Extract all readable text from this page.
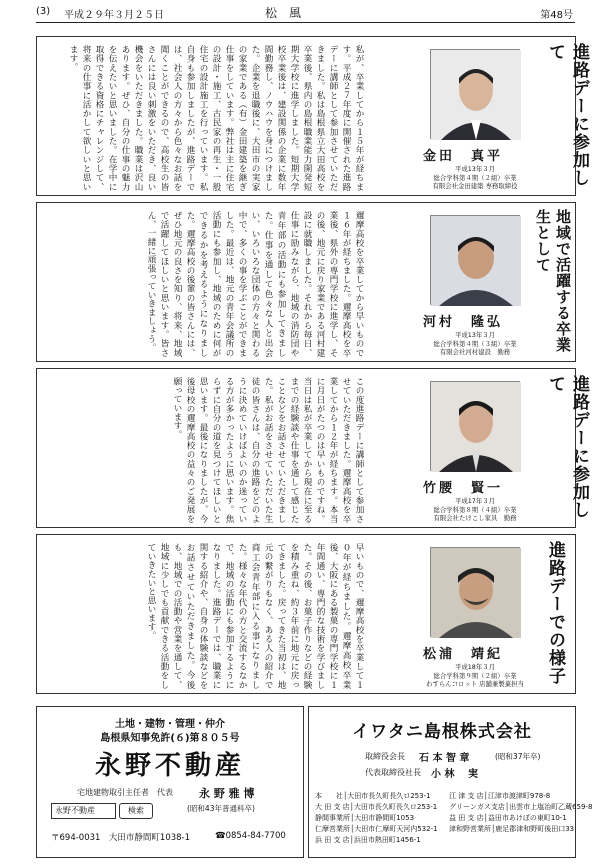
(3) 平成２９年３月２５日	松　風	第48号
私が、卒業してから１５年が経ちます。平成２７年度に開催された進路デーに講師として参加させていただきました。私は島根県立大田高校を卒業後、県内の島根職業能力開発短期大学校に進学しました。短期大学校卒業後は、建設関係の企業に数年間勤務し、ノウハウを身につけました。企業を退職後に、大田市の実家の家業である（有）金田建築を継ぎ仕事をしています。弊社は主に住宅の設計・施工、古民家の再生・一般住宅の設計施工を行っています。私自身も参加しましたが、進路デーでは、社会人の方々から色々なお話を聞くことができるので、高校生の皆さんには良い刺激をいただき、良い機会をいただきました。職業は沢山あります。ぜひ、自分の仕事の魅力を伝えたいと思いました。在学中に取得できる資格にチャレンジして、将来の仕事に活かして欲しいと思います。
金田　真平
平成13年３月
総合学科第４期（２組）卒業
有限会社金田建築 専務取締役	進路デーに参加して
邇摩高校を卒業してから早いもので１６年が経ちました。邇摩高校を卒業後、県外の専門学校に進学し、その後、地元に戻り家業である河村建設に就職しました。それから毎日、仕事に励みながら、地域の消防団や青年部の活動にも参加してきました。仕事を通して色々な人と出会い、いろいろな団体の方々と関わる中で、多くの事を学ぶことができました。最近は、地元の青年会議所の活動にも参加し、地域のために何ができるかを考えるようになりました。邇摩高校の後輩の皆さんには、ぜひ地元の良さを知り、将来、地域で活躍してほしいと思います。皆さん、一緒に頑張っていきましょう。	河村　隆弘
平成13年３月
総合学科第４期（３組）卒業
有限会社河村建設　勤務	地域で活躍する卒業生として
この度進路デーに講師として参加させていただきました。邇摩高校を卒業してから１２年が経ちます。本当に月日がたつのは早いものですね。当日は私が卒業してから現在に至るまでの経験談や仕事を通して感じたことなどをお話させていただきました。私がお話をさせていただいた生徒の皆さんは、自分の進路をどのように決めていけばよいのか迷っている方が多かったように思います。焦らずに自分の道を見つけてほしいと思います。最後になりましたが、今後母校の邇摩高校の益々のご発展を願っています。
竹腰　賢一
平成17年３月
総合学科第８期（４組）卒業
有限会社たけこし家具　勤務	進路デーに参加して
早いもので、邇摩高校を卒業して１０年が経ちました。邇摩高校卒業後、大阪にある製菓の専門学校に１年間通い、専門的な技術を学びました。その後、お菓子作りなどの経験を積み重ね、約３年前に地元に戻ってきました。戻ってきた当初は、地元の繋がりもなく、ある人の紹介で商工会青年部に入る事になりました。様々な年代の方と交流するなかで、地域の活動にも参加するようになりました。進路デーでは、職業に関する紹介や、自身の体験談などをお話させていただきました。今後も、地域での活動や営業を通して、地域に少しでも貢献できる活動をしていきたいと思います。
松浦　靖紀
平成18年３月
総合学科第９期（２組）卒業
わすらんコロット 店舗兼製菓担当	進路デーでの様子
土地・建物・管理・仲介
島根県知事免許(６)第８０５号
永野不動産
宅地建物取引主任者　代表 永 野 雅 博
(昭和43年普通科卒)
永野不動産	検索
〒694-0031　大田市静間町1038-1	☎0854-84-7700
イワタニ島根株式会社
取締役会長 石 本 智 章	(昭和37年卒)
代表取締役社長 小 林 　実
本　　社│大田市長久町長久ロ253-1
大 田 支 店│大田市長久町長久ロ253-1
静間事業所│大田市静間町1053
仁摩営業所│大田市仁摩町天河内532-1
浜 田 支 店│浜田市熱田町1456-1
江 津 支 店│江津市渡津町978-8
グリーンガス支店│出雲市上塩冶町乙蔵659-8
益 田 支 店│益田市あけぼの東町10-1
津和野営業所│鹿足郡津和野町後田口33
